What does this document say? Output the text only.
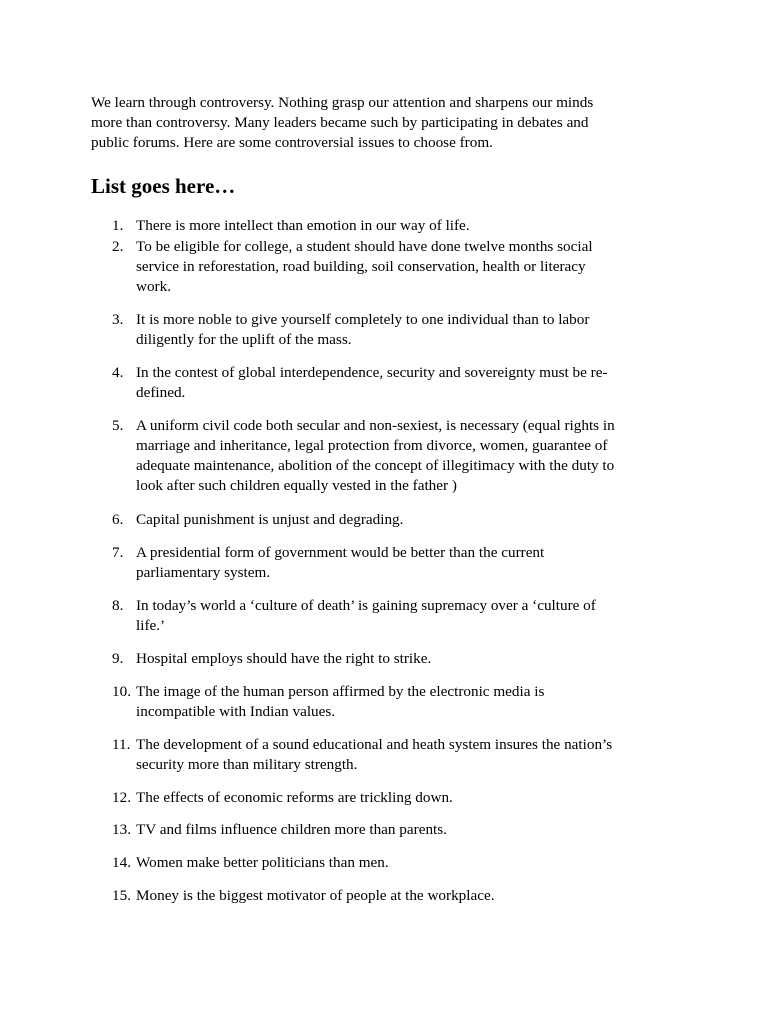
We learn through controversy. Nothing grasp our attention and sharpens our minds
more than controversy. Many leaders became such by participating in debates and
public forums. Here are some controversial issues to choose from.

List goes here…
1. There is more intellect than emotion in our way of life.
2. To be eligible for college, a student should have done twelve months social
service in reforestation, road building, soil conservation, health or literacy
work.
3. It is more noble to give yourself completely to one individual than to labor
diligently for the uplift of the mass.
4. In the contest of global interdependence, security and sovereignty must be re-
defined.
5. A uniform civil code both secular and non-sexiest, is necessary (equal rights in
marriage and inheritance, legal protection from divorce, women, guarantee of
adequate maintenance, abolition of the concept of illegitimacy with the duty to
look after such children equally vested in the father )
6. Capital punishment is unjust and degrading.
7. A presidential form of government would be better than the current
parliamentary system.
8. In today’s world a ‘culture of death’ is gaining supremacy over a ‘culture of
life.’
9. Hospital employs should have the right to strike.
10. The image of the human person affirmed by the electronic media is
incompatible with Indian values.
11. The development of a sound educational and heath system insures the nation’s
security more than military strength.
12. The effects of economic reforms are trickling down.
13. TV and films influence children more than parents.
14. Women make better politicians than men.
15. Money is the biggest motivator of people at the workplace.
